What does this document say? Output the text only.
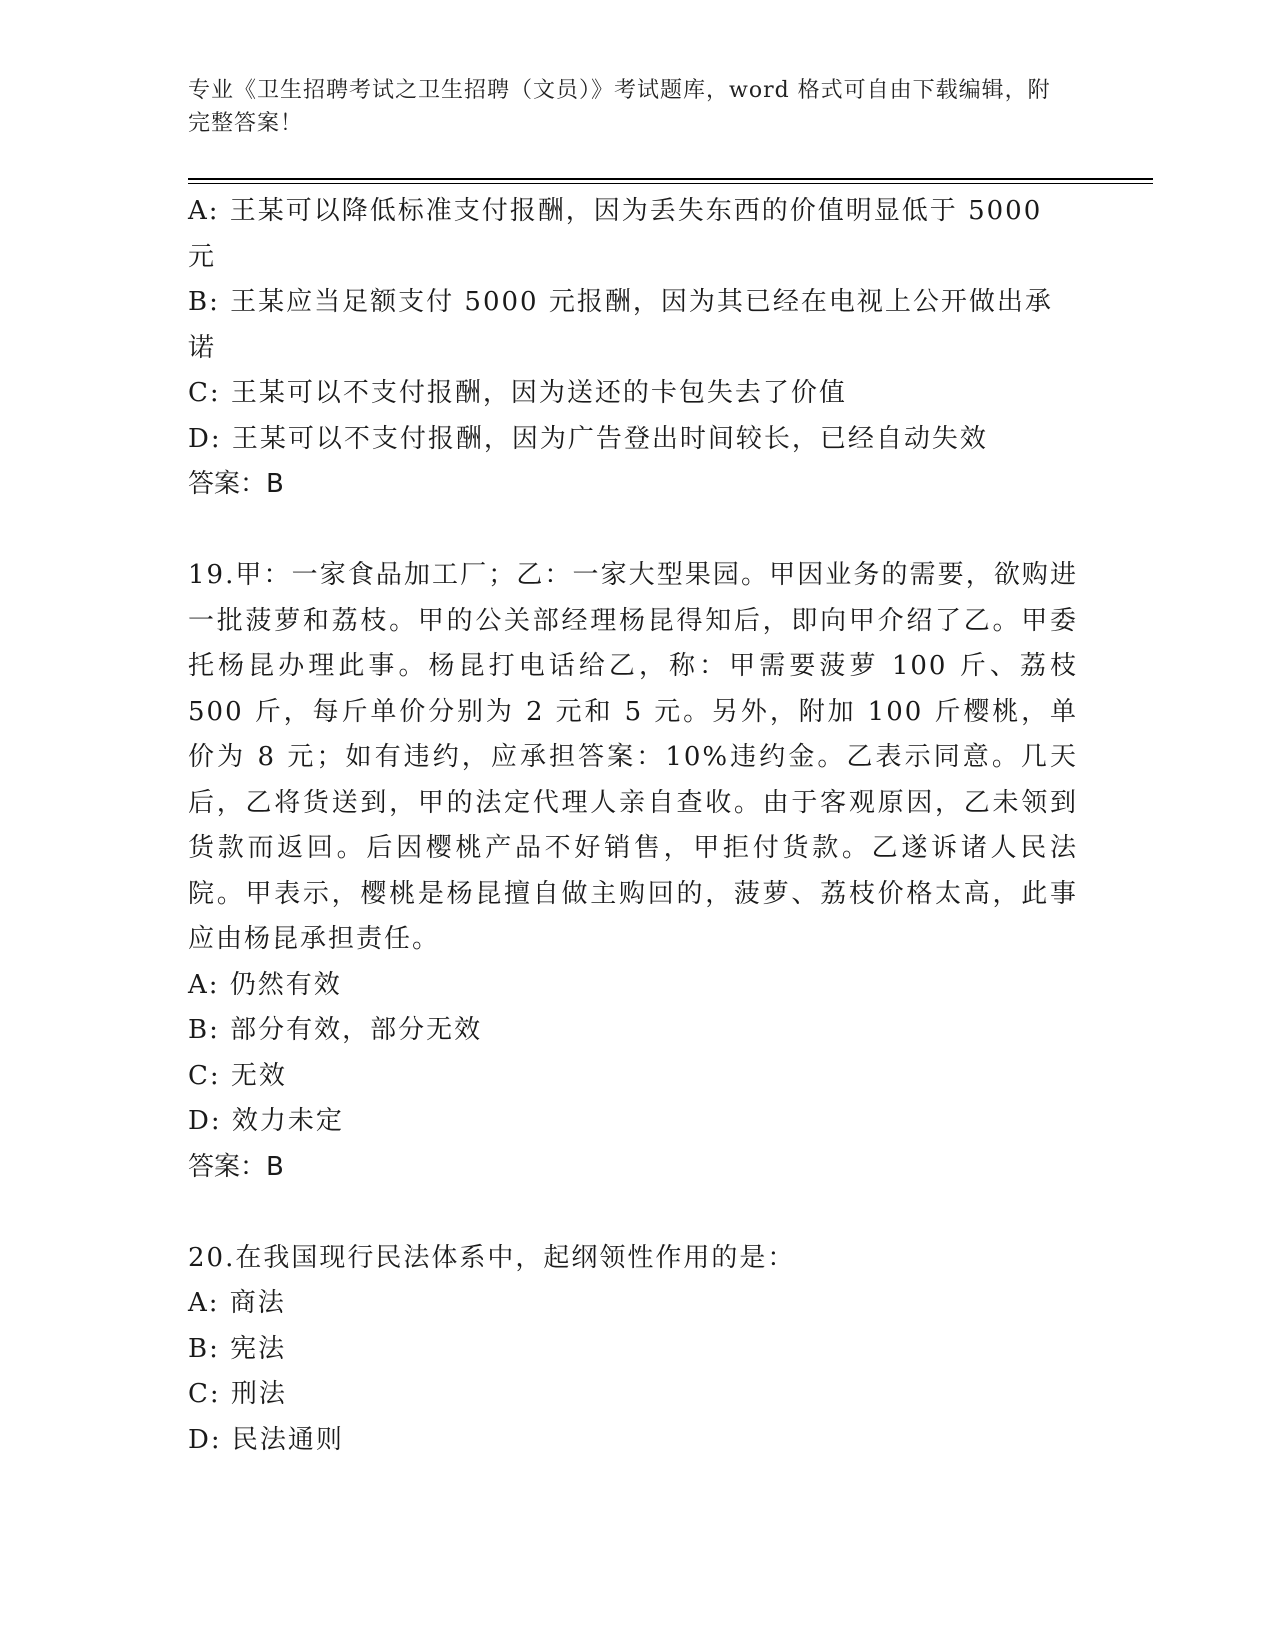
专业《卫生招聘考试之卫生招聘（文员）》考试题库，word 格式可自由下载编辑，附完整答案！
A: 王某可以降低标准支付报酬，因为丢失东西的价值明显低于 5000 元
B: 王某应当足额支付 5000 元报酬，因为其已经在电视上公开做出承诺
C: 王某可以不支付报酬，因为送还的卡包失去了价值
D: 王某可以不支付报酬，因为广告登出时间较长，已经自动失效
答案：B
19.甲：一家食品加工厂；乙：一家大型果园。甲因业务的需要，欲购进一批菠萝和荔枝。甲的公关部经理杨昆得知后，即向甲介绍了乙。甲委托杨昆办理此事。杨昆打电话给乙，称：甲需要菠萝 100 斤、荔枝 500 斤，每斤单价分别为 2 元和 5 元。另外，附加 100 斤樱桃，单价为 8 元；如有违约，应承担答案：10%违约金。乙表示同意。几天后，乙将货送到，甲的法定代理人亲自查收。由于客观原因，乙未领到货款而返回。后因樱桃产品不好销售，甲拒付货款。乙遂诉诸人民法院。甲表示，樱桃是杨昆擅自做主购回的，菠萝、荔枝价格太高，此事应由杨昆承担责任。
A: 仍然有效
B: 部分有效，部分无效
C: 无效
D: 效力未定
答案：B
20.在我国现行民法体系中，起纲领性作用的是：
A: 商法
B: 宪法
C: 刑法
D: 民法通则
